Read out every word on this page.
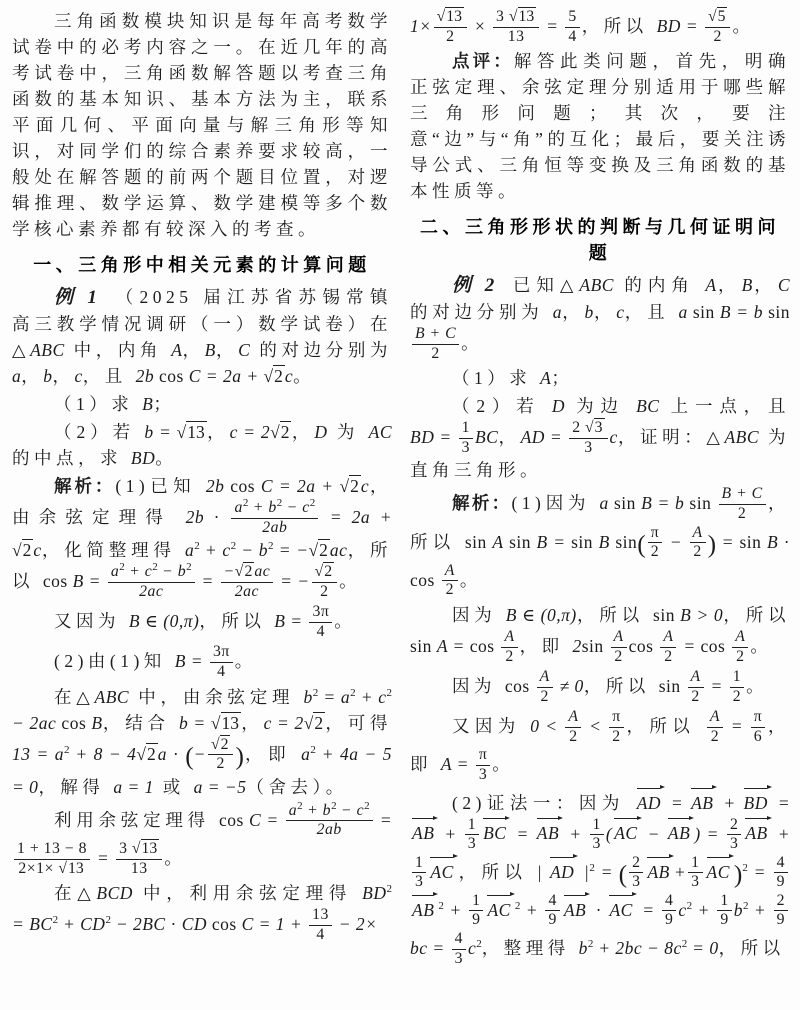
三角函数模块知识是每年高考数学试卷中的必考内容之一。在近几年的高考试卷中，三角函数解答题以考查三角函数的基本知识、基本方法为主，联系平面几何、平面向量与解三角形等知识，对同学们的综合素养要求较高，一般处在解答题的前两个题目位置，对逻辑推理、数学运算、数学建模等多个数学核心素养都有较深入的考查。
一、三角形中相关元素的计算问题
例 1 （2025 届江苏省苏锡常镇高三教学情况调研（一）数学试卷）在△ABC 中，内角 A，B，C 的对边分别为 a，b，c，且 2b cos C = 2a + √2 c。
（1）求 B；
（2）若 b = √13 ，c = 2√2 ，D 为 AC 的中点，求 BD。
解析：(1)已知 2b cos C = 2a + √2 c，由余弦定理得 $2b \cdot \frac{a^2 + b^2 - c^2}{2ab} = 2a + √2$ c，化简整理得 $a^2 + c^2 - b^2 = -√2$ ac，所以 $\cos B = \frac{a^2 + c^2 - b^2}{2ac} = \frac{-√2 ac}{2ac}$ = − $\frac{√2}{2}$ 。
又因为 B ∈ (0,π)，所以 $B = \frac{3\pi}{4}$ 。
(2)由(1)知 $B = \frac{3\pi}{4}$ 。
在△ABC 中，由余弦定理 $b^2 = a^2 + c^2 - 2ac$ cos B，结合 b = √13 ，c = 2√2 ，可得 $13 = a^2 + 8 - 4√2$ a · (− $\frac{√2}{2}$ )，即 $a^2 + 4a - 5 = 0$，解得 a = 1 或 a = −5（舍去）。
利用余弦定理得 $\cos C = \frac{a^2 + b^2 - c^2}{2ab}$ =
$\frac{1 + 13 - 8}{2\times 1\times √13} = \frac{3 √13}{13}$ 。
在△BCD 中，利用余弦定理得 $BD^2 = BC^2 + CD^2 - 2BC$ · CD $\cos C = 1 + \frac{13}{4} - 2\times$
$1\times \frac{√13}{2} \times \frac{3 √13}{13} = \frac{5}{4}$ ，所以 BD = $\frac{√5}{2}$ 。
点评：解答此类问题，首先，明确正弦定理、余弦定理分别适用于哪些解三角形问题；其次，要注意“边”与“角”的互化；最后，要关注诱导公式、三角恒等变换及三角函数的基本性质等。
二、三角形形状的判断与几何证明问题
例 2 已知△ABC 的内角 A，B，C 的对边分别为 a，b，c，且 a sin B = b sin
$\frac{B + C}{2}$ 。
（1）求 A；
（2）若 D 为边 BC 上一点，且 BD = $\frac{1}{3}$ BC，AD = $\frac{2 √3}{3}$ c，证明：△ABC 为直角三角形。
解析：(1)因为 a sin B = b $\sin \frac{B + C}{2}$ ，所以 sin A sin B = sin B $\sin( \frac{\pi}{2} - \frac{A}{2}$ ) = $\sin B \cdot \cos \frac{A}{2}$ 。
因为 B ∈ (0,π)，所以 sin B > 0，所以 $\sin A = \cos \frac{A}{2}$ ，即 $2\sin \frac{A}{2}$ $\cos \frac{A}{2} = \cos \frac{A}{2}$ 。
因为 $\cos \frac{A}{2} \ne 0$，所以 $\sin \frac{A}{2} = \frac{1}{2}$ 。
又因为 $0 < \frac{A}{2} < \frac{\pi}{2}$ ，所以 $\frac{A}{2} = \frac{\pi}{6}$ ，即 $A = \frac{\pi}{3}$ 。
(2)证法一：因为 AD = AB + BD = AB + $\frac{1}{3}$ BC = AB + $\frac{1}{3}$ ( AC − AB ) = $\frac{2}{3}$ AB +
$\frac{1}{3}$ AC ，所以 | AD $|^2$ = ( $\frac{2}{3}$ AB + $\frac{1}{3}$ AC )$^2 = \frac{4}{9}$
AB $^2 + \frac{1}{9}$ AC $^2 + \frac{4}{9}$ AB · AC = $\frac{4}{9} c^2 + \frac{1}{9} b^2 + \frac{2}{9}$
bc = $\frac{4}{3} c^2$，整理得 $b^2 + 2bc - 8c^2 = 0$，所以
